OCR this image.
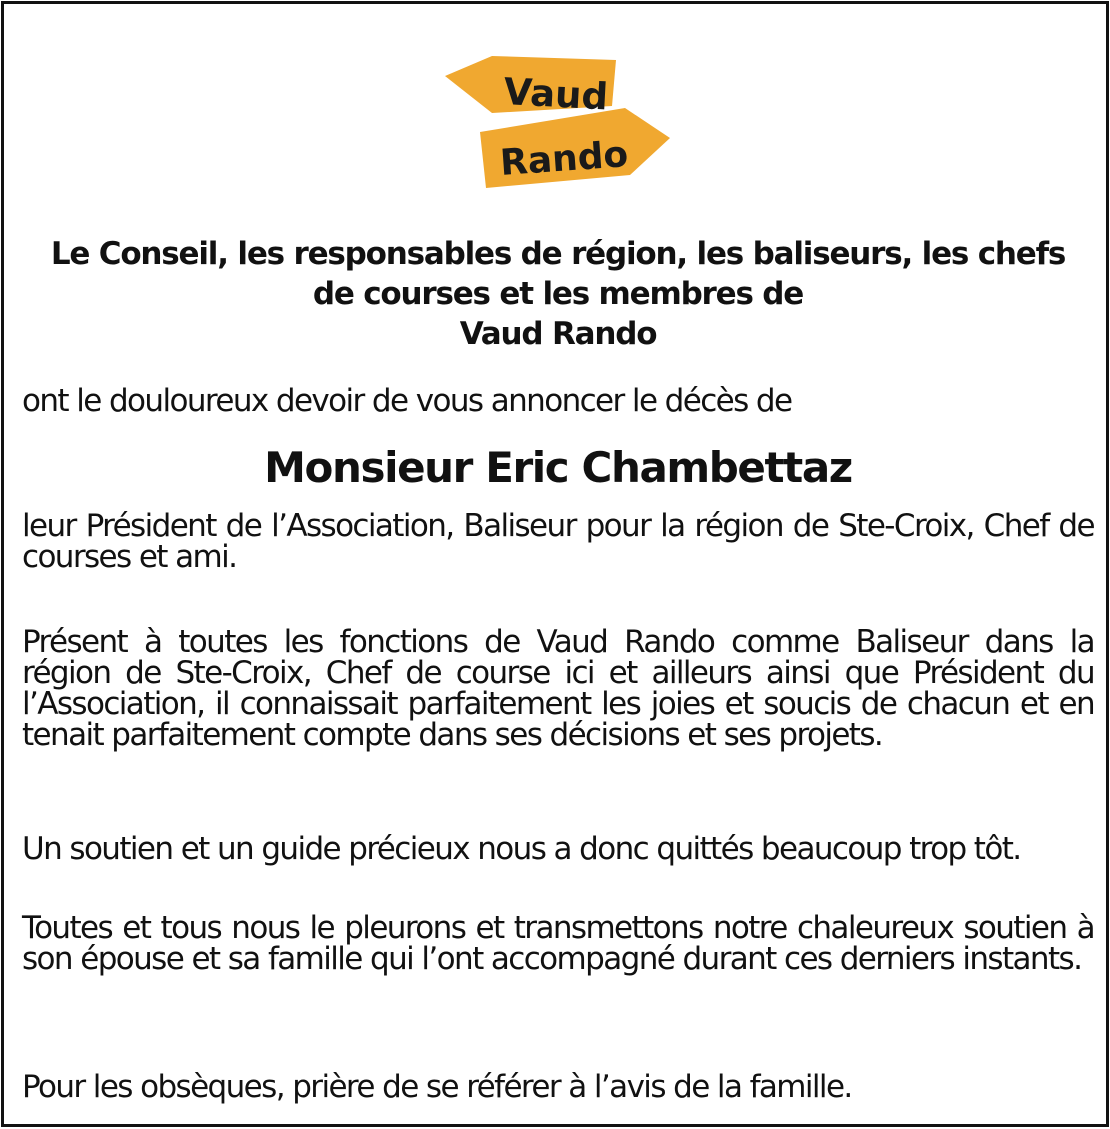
Vaud
Rando
Le Conseil, les responsables de région, les baliseurs, les chefs
de courses et les membres de
Vaud Rando
ont le douloureux devoir de vous annoncer le décès de
Monsieur Eric Chambettaz
leur Président de l’Association, Baliseur pour la région de Ste-Croix, Chef de courses et ami.
Présent à toutes les fonctions de Vaud Rando comme Baliseur dans la région de Ste-Croix, Chef de course ici et ailleurs ainsi que Président du l’Association, il connaissait parfaitement les joies et soucis de chacun et en tenait parfaitement compte dans ses décisions et ses projets.
Un soutien et un guide précieux nous a donc quittés beaucoup trop tôt.
Toutes et tous nous le pleurons et transmettons notre chaleureux soutien à son épouse et sa famille qui l’ont accompagné durant ces derniers instants.
Pour les obsèques, prière de se référer à l’avis de la famille.
